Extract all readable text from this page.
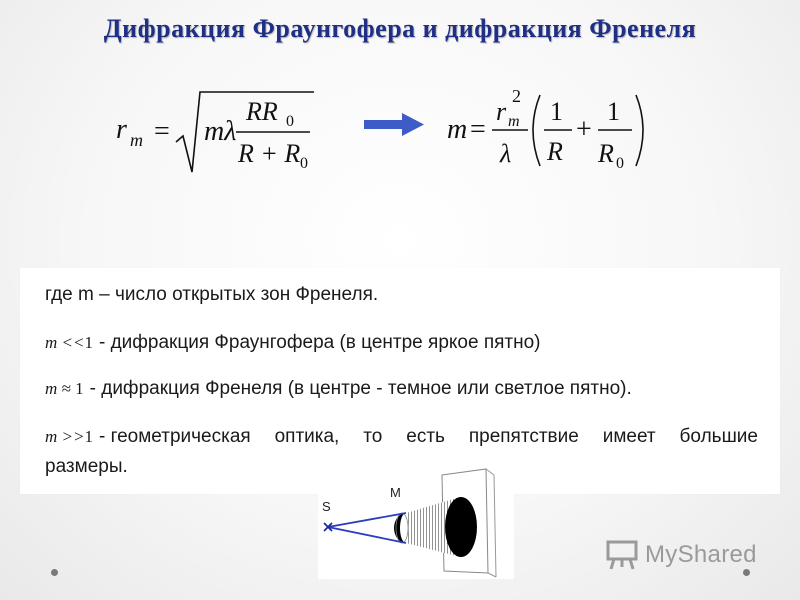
Дифракция Фраунгофера и дифракция Френеля
r m = mλ
RR 0
R + R 0
m =
r m
2
λ
1
R
+
1
R 0
где m – число открытых зон Френеля.
m <<1 - дифракция Фраунгофера (в центре яркое пятно)
m ≈ 1 - дифракция Френеля (в центре - темное или светлое пятно).
m >>1 - геометрическая оптика, то есть препятствие имеет большие
размеры.
S
M
MyShared
